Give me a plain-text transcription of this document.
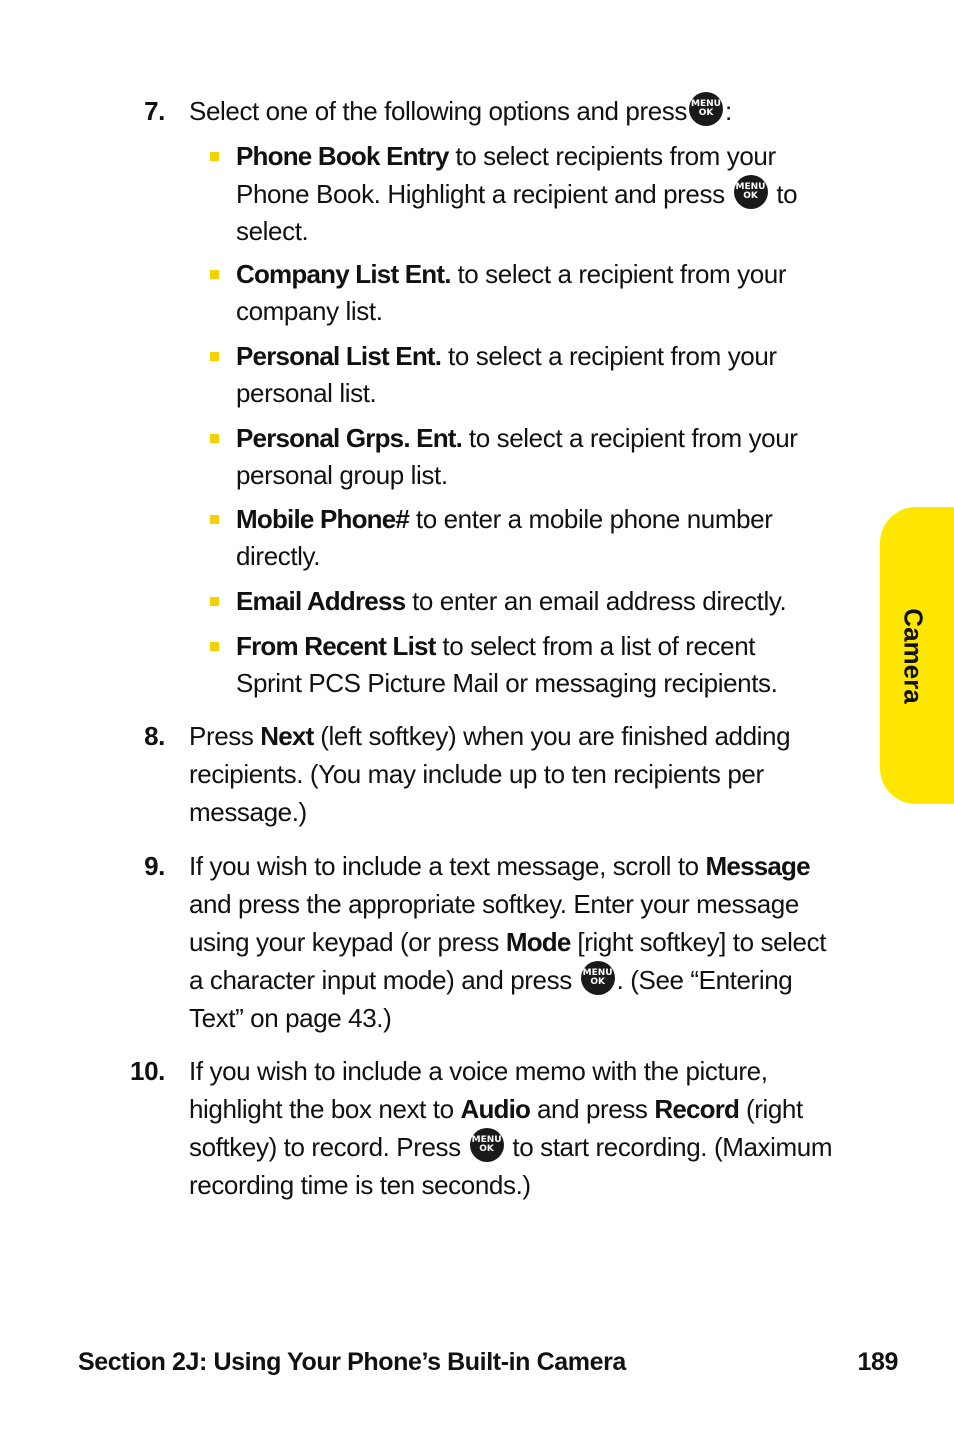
7. Select one of the following options and press MENU
OK :
Phone Book Entry to select recipients from your Phone Book. Highlight a recipient and press MENU
OK to select.
Company List Ent. to select a recipient from your company list.
Personal List Ent. to select a recipient from your personal list.
Personal Grps. Ent. to select a recipient from your personal group list.
Mobile Phone# to enter a mobile phone number directly.
Email Address to enter an email address directly.
From Recent List to select from a list of recent Sprint PCS Picture Mail or messaging recipients.
8. Press Next (left softkey) when you are finished adding recipients. (You may include up to ten recipients per message.)
9. If you wish to include a text message, scroll to Message and press the appropriate softkey. Enter your message using your keypad (or press Mode [right softkey] to select a character input mode) and press MENU
OK . (See “Entering Text” on page 43.)
10. If you wish to include a voice memo with the picture, highlight the box next to Audio and press Record (right softkey) to record. Press MENU
OK to start recording. (Maximum recording time is ten seconds.)
Camera
Section 2J: Using Your Phone’s Built-in Camera	189
